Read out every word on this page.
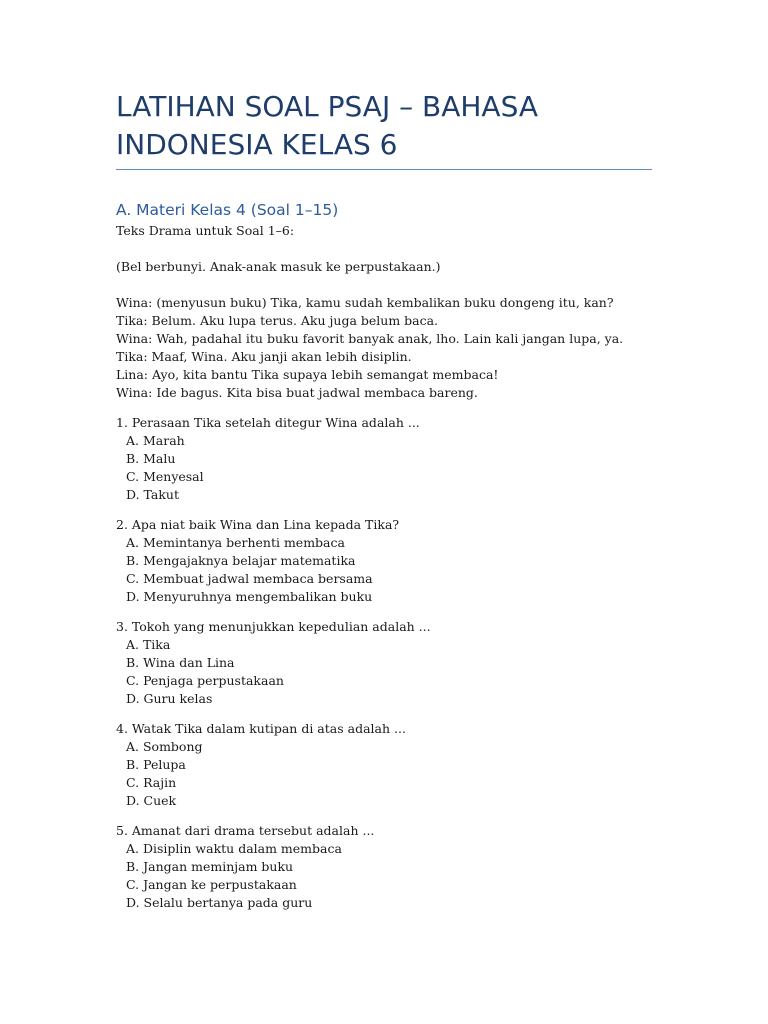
LATIHAN SOAL PSAJ – BAHASA INDONESIA KELAS 6
A. Materi Kelas 4 (Soal 1–15)

Teks Drama untuk Soal 1–6:

(Bel berbunyi. Anak-anak masuk ke perpustakaan.)

Wina: (menyusun buku) Tika, kamu sudah kembalikan buku dongeng itu, kan?

Tika: Belum. Aku lupa terus. Aku juga belum baca.

Wina: Wah, padahal itu buku favorit banyak anak, lho. Lain kali jangan lupa, ya.

Tika: Maaf, Wina. Aku janji akan lebih disiplin.

Lina: Ayo, kita bantu Tika supaya lebih semangat membaca!

Wina: Ide bagus. Kita bisa buat jadwal membaca bareng.

1. Perasaan Tika setelah ditegur Wina adalah ...

A. Marah

B. Malu

C. Menyesal

D. Takut

2. Apa niat baik Wina dan Lina kepada Tika?

A. Memintanya berhenti membaca

B. Mengajaknya belajar matematika

C. Membuat jadwal membaca bersama

D. Menyuruhnya mengembalikan buku

3. Tokoh yang menunjukkan kepedulian adalah ...

A. Tika

B. Wina dan Lina

C. Penjaga perpustakaan

D. Guru kelas

4. Watak Tika dalam kutipan di atas adalah ...

A. Sombong

B. Pelupa

C. Rajin

D. Cuek

5. Amanat dari drama tersebut adalah ...

A. Disiplin waktu dalam membaca

B. Jangan meminjam buku

C. Jangan ke perpustakaan

D. Selalu bertanya pada guru
